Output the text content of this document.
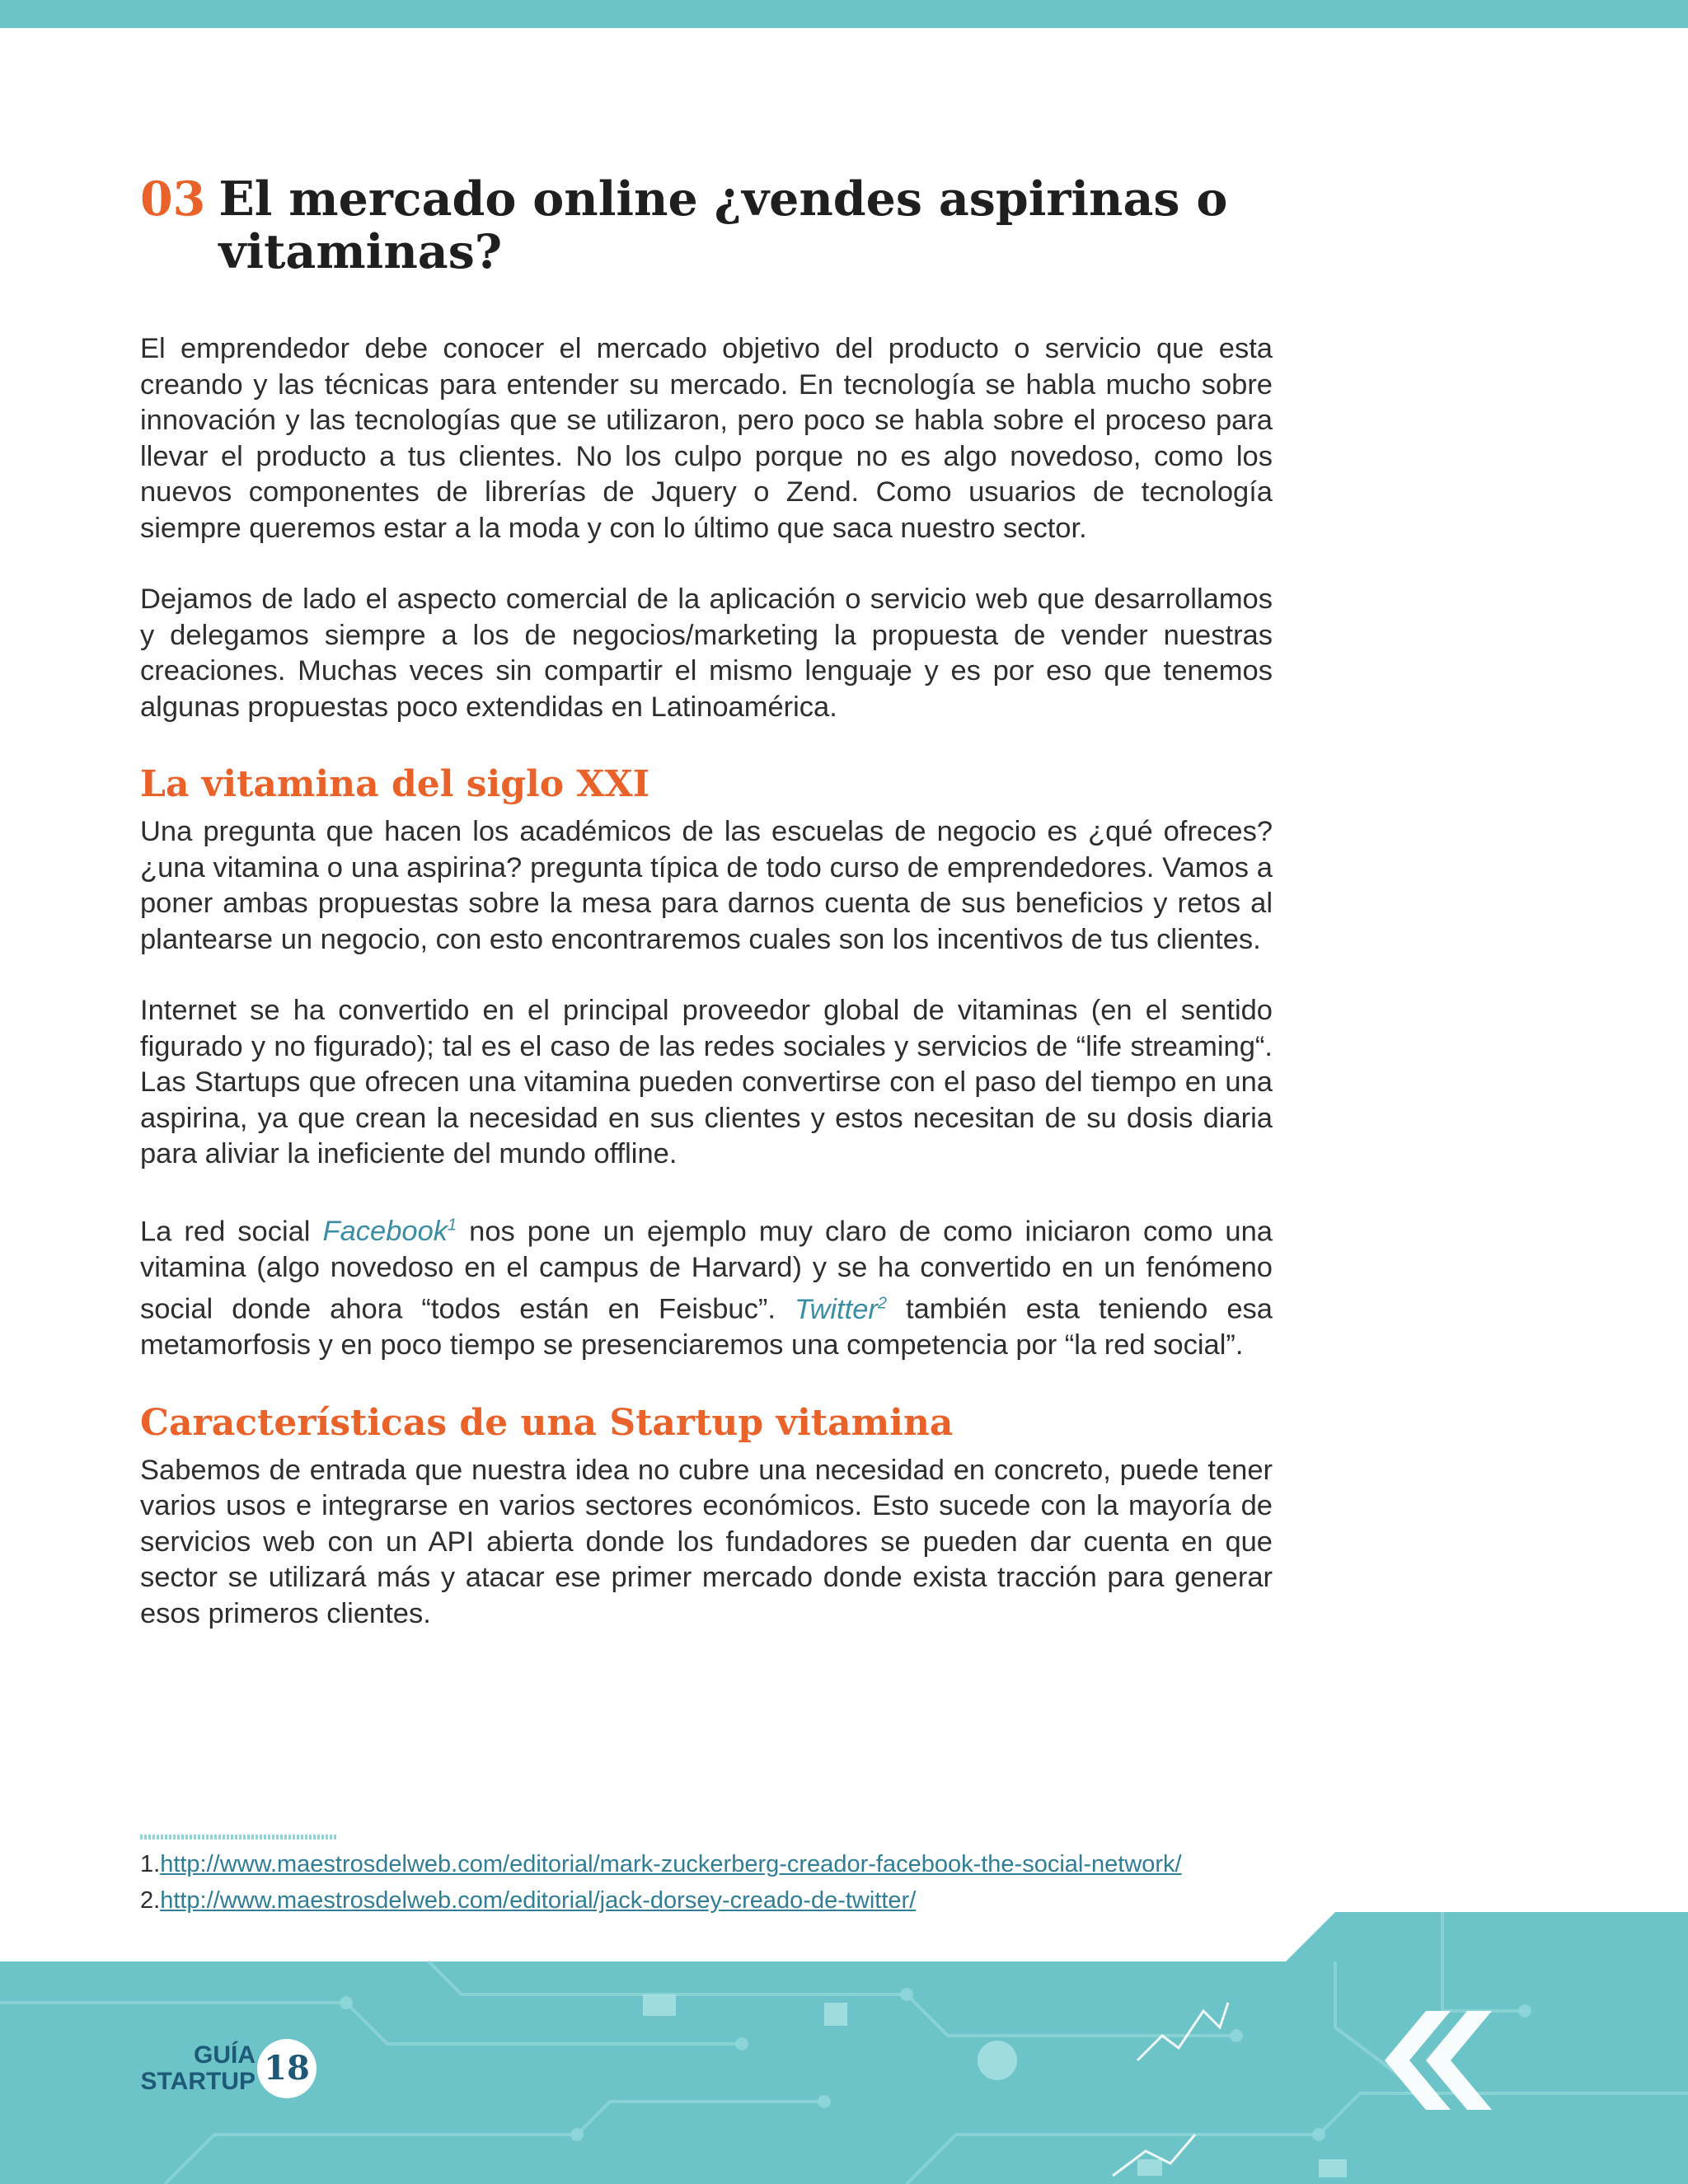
03 El mercado online ¿vendes aspirinas o
vitaminas?

El emprendedor debe conocer el mercado objetivo del producto o servicio que esta creando y las técnicas para entender su mercado. En tecnología se habla mucho sobre innovación y las tecnologías que se utilizaron, pero poco se habla sobre el proceso para llevar el producto a tus clientes. No los culpo porque no es algo novedoso, como los nuevos componentes de librerías de Jquery o Zend. Como usuarios de tecnología siempre queremos estar a la moda y con lo último que saca nuestro sector.

Dejamos de lado el aspecto comercial de la aplicación o servicio web que desarrollamos y delegamos siempre a los de negocios/marketing la propuesta de vender nuestras creaciones. Muchas veces sin compartir el mismo lenguaje y es por eso que tenemos algunas propuestas poco extendidas en Latinoamérica.

La vitamina del siglo XXI

Una pregunta que hacen los académicos de las escuelas de negocio es ¿qué ofreces? ¿una vitamina o una aspirina? pregunta típica de todo curso de emprendedores. Vamos a poner ambas propuestas sobre la mesa para darnos cuenta de sus beneficios y retos al plantearse un negocio, con esto encontraremos cuales son los incentivos de tus clientes.

Internet se ha convertido en el principal proveedor global de vitaminas (en el sentido figurado y no figurado); tal es el caso de las redes sociales y servicios de “life streaming“. Las Startups que ofrecen una vitamina pueden convertirse con el paso del tiempo en una aspirina, ya que crean la necesidad en sus clientes y estos necesitan de su dosis diaria para aliviar la ineficiente del mundo offline.

La red social Facebook$^1$ nos pone un ejemplo muy claro de como iniciaron como una vitamina (algo novedoso en el campus de Harvard) y se ha convertido en un fenómeno social donde ahora “todos están en Feisbuc”. Twitter$^2$ también esta teniendo esa metamorfosis y en poco tiempo se presenciaremos una competencia por “la red social”.

Características de una Startup vitamina

Sabemos de entrada que nuestra idea no cubre una necesidad en concreto, puede tener varios usos e integrarse en varios sectores económicos. Esto sucede con la mayoría de servicios web con un API abierta donde los fundadores se pueden dar cuenta en que sector se utilizará más y atacar ese primer mercado donde exista tracción para generar esos primeros clientes.

1.http://www.maestrosdelweb.com/editorial/mark-zuckerberg-creador-facebook-the-social-network/
2.http://www.maestrosdelweb.com/editorial/jack-dorsey-creado-de-twitter/
GUÍA
STARTUP 18
